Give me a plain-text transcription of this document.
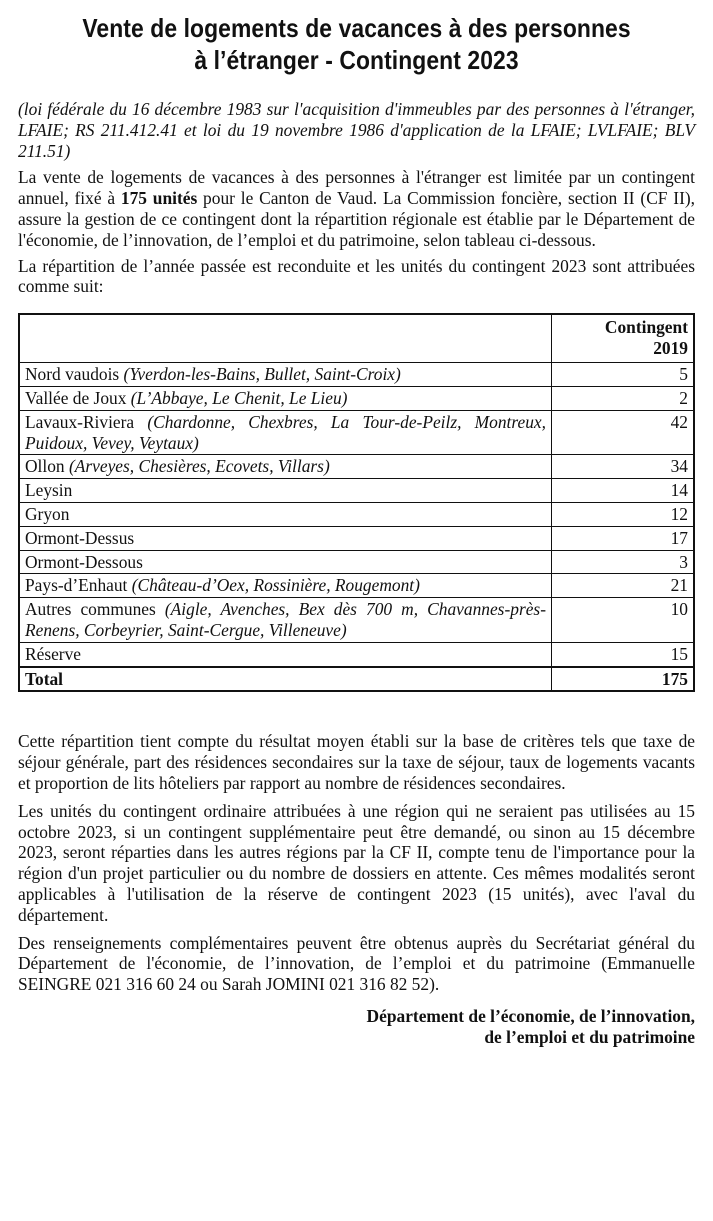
Vente de logements de vacances à des personnes
à l’étranger - Contingent 2023

(loi fédérale du 16 décembre 1983 sur l'acquisition d'immeubles par des personnes à l'étranger, LFAIE; RS 211.412.41 et loi du 19 novembre 1986 d'application de la LFAIE; LVLFAIE; BLV 211.51)

La vente de logements de vacances à des personnes à l'étranger est limitée par un contingent annuel, fixé à 175 unités pour le Canton de Vaud. La Commission foncière, section II (CF II), assure la gestion de ce contingent dont la répartition régionale est établie par le Département de l'économie, de l’innovation, de l’emploi et du patrimoine, selon tableau ci-dessous.

La répartition de l’année passée est reconduite et les unités du contingent 2023 sont attribuées comme suit:

	Contingent
2019
Nord vaudois (Yverdon-les-Bains, Bullet, Saint-Croix)	5
Vallée de Joux (L’Abbaye, Le Chenit, Le Lieu)	2
Lavaux-Riviera (Chardonne, Chexbres, La Tour-de-Peilz, Montreux, Puidoux, Vevey, Veytaux)	42
Ollon (Arveyes, Chesières, Ecovets, Villars)	34
Leysin	14
Gryon	12
Ormont-Dessus	17
Ormont-Dessous	3
Pays-d’Enhaut (Château-d’Oex, Rossinière, Rougemont)	21
Autres communes (Aigle, Avenches, Bex dès 700 m, Chavannes-près-Renens, Corbeyrier, Saint-Cergue, Villeneuve)	10
Réserve	15
Total	175

Cette répartition tient compte du résultat moyen établi sur la base de critères tels que taxe de séjour générale, part des résidences secondaires sur la taxe de séjour, taux de logements vacants et proportion de lits hôteliers par rapport au nombre de résidences secondaires.

Les unités du contingent ordinaire attribuées à une région qui ne seraient pas utilisées au 15 octobre 2023, si un contingent supplémentaire peut être demandé, ou sinon au 15 décembre 2023, seront réparties dans les autres régions par la CF II, compte tenu de l'importance pour la région d'un projet particulier ou du nombre de dossiers en attente. Ces mêmes modalités seront applicables à l'utilisation de la réserve de contingent 2023 (15 unités), avec l'aval du département.

Des renseignements complémentaires peuvent être obtenus auprès du Secrétariat général du Département de l'économie, de l’innovation, de l’emploi et du patrimoine (Emmanuelle SEINGRE 021 316 60 24 ou Sarah JOMINI 021 316 82 52).

Département de l’économie, de l’innovation,
de l’emploi et du patrimoine
